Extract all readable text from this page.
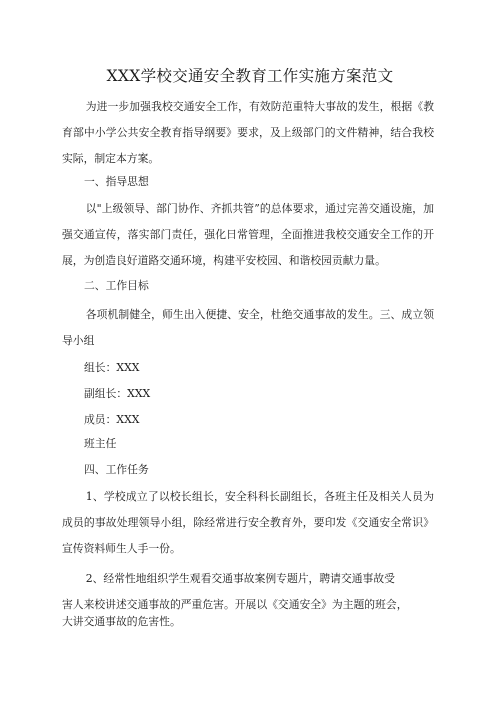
XXX学校交通安全教育工作实施方案范文

为进一步加强我校交通安全工作，有效防范重特大事故的发生，根据《教育部中小学公共安全教育指导纲要》要求，及上级部门的文件精神，结合我校实际，制定本方案。

一、指导思想

以"上级领导、部门协作、齐抓共管”的总体要求，通过完善交通设施，加强交通宣传，落实部门责任，强化日常管理，全面推进我校交通安全工作的开展，为创造良好道路交通环境，构建平安校园、和谐校园贡献力量。

二、工作目标

各项机制健全，师生出入便捷、安全，杜绝交通事故的发生。三、成立领导小组

组长：XXX

副组长：XXX

成员：XXX

班主任

四、工作任务

1、学校成立了以校长组长，安全科科长副组长，各班主任及相关人员为成员的事故处理领导小组，除经常进行安全教育外，要印发《交通安全常识》宣传资料师生人手一份。

2、经常性地组织学生观看交通事故案例专题片，聘请交通事故受
害人来校讲述交通事故的严重危害。开展以《交通安全》为主题的班会，
大讲交通事故的危害性。
